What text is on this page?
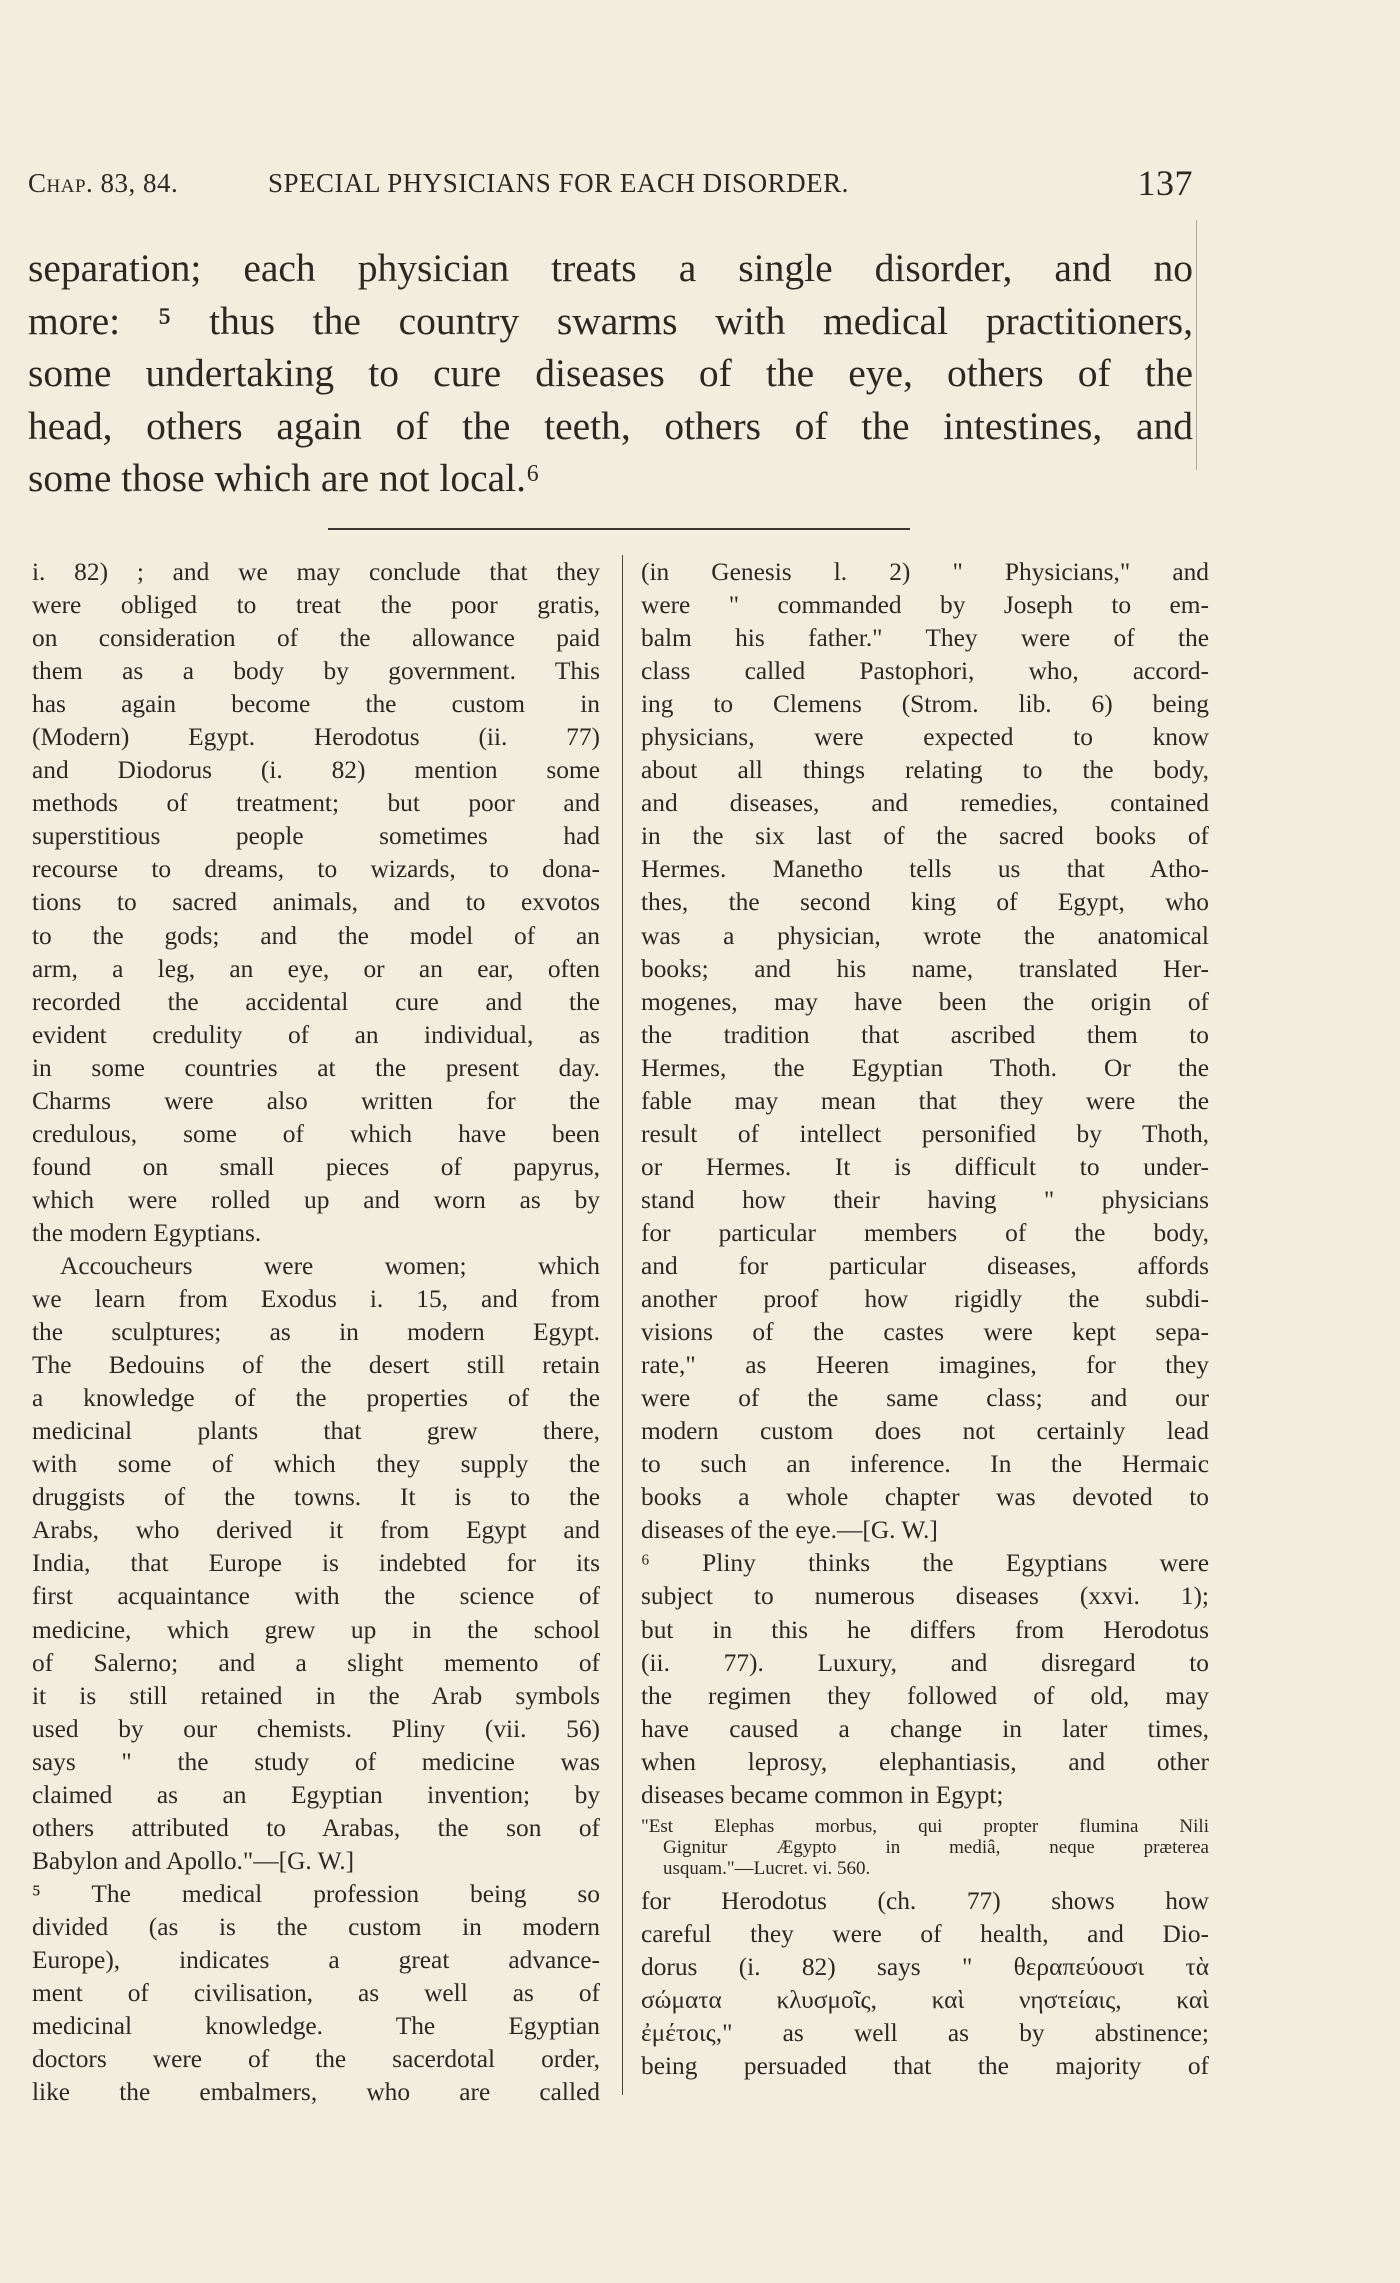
Chap. 83, 84.	SPECIAL PHYSICIANS FOR EACH DISORDER.	137
separation; each physician treats a single disorder, and no
more: ⁵ thus the country swarms with medical practitioners,
some undertaking to cure diseases of the eye, others of the
head, others again of the teeth, others of the intestines, and
some those which are not local.⁶
i. 82) ; and we may conclude that they
were obliged to treat the poor gratis,
on consideration of the allowance paid
them as a body by government. This
has again become the custom in
(Modern) Egypt. Herodotus (ii. 77)
and Diodorus (i. 82) mention some
methods of treatment; but poor and
superstitious people sometimes had
recourse to dreams, to wizards, to dona-
tions to sacred animals, and to exvotos
to the gods; and the model of an
arm, a leg, an eye, or an ear, often
recorded the accidental cure and the
evident credulity of an individual, as
in some countries at the present day.
Charms were also written for the
credulous, some of which have been
found on small pieces of papyrus,
which were rolled up and worn as by
the modern Egyptians.
Accoucheurs were women; which
we learn from Exodus i. 15, and from
the sculptures; as in modern Egypt.
The Bedouins of the desert still retain
a knowledge of the properties of the
medicinal plants that grew there,
with some of which they supply the
druggists of the towns. It is to the
Arabs, who derived it from Egypt and
India, that Europe is indebted for its
first acquaintance with the science of
medicine, which grew up in the school
of Salerno; and a slight memento of
it is still retained in the Arab symbols
used by our chemists. Pliny (vii. 56)
says " the study of medicine was
claimed as an Egyptian invention; by
others attributed to Arabas, the son of
Babylon and Apollo."—[G. W.]
⁵ The medical profession being so
divided (as is the custom in modern
Europe), indicates a great advance-
ment of civilisation, as well as of
medicinal knowledge. The Egyptian
doctors were of the sacerdotal order,
like the embalmers, who are called
(in Genesis l. 2) " Physicians," and
were " commanded by Joseph to em-
balm his father." They were of the
class called Pastophori, who, accord-
ing to Clemens (Strom. lib. 6) being
physicians, were expected to know
about all things relating to the body,
and diseases, and remedies, contained
in the six last of the sacred books of
Hermes. Manetho tells us that Atho-
thes, the second king of Egypt, who
was a physician, wrote the anatomical
books; and his name, translated Her-
mogenes, may have been the origin of
the tradition that ascribed them to
Hermes, the Egyptian Thoth. Or the
fable may mean that they were the
result of intellect personified by Thoth,
or Hermes. It is difficult to under-
stand how their having " physicians
for particular members of the body,
and for particular diseases, affords
another proof how rigidly the subdi-
visions of the castes were kept sepa-
rate," as Heeren imagines, for they
were of the same class; and our
modern custom does not certainly lead
to such an inference. In the Hermaic
books a whole chapter was devoted to
diseases of the eye.—[G. W.]
⁶ Pliny thinks the Egyptians were
subject to numerous diseases (xxvi. 1);
but in this he differs from Herodotus
(ii. 77). Luxury, and disregard to
the regimen they followed of old, may
have caused a change in later times,
when leprosy, elephantiasis, and other
diseases became common in Egypt;
"Est Elephas morbus, qui propter flumina Nili
Gignitur Ægypto in mediâ, neque præterea
usquam."—Lucret. vi. 560.
for Herodotus (ch. 77) shows how
careful they were of health, and Dio-
dorus (i. 82) says " θεραπεύουσι τὰ
σώματα κλυσμοῖς, καὶ νηστείαις, καὶ
ἐμέτοις," as well as by abstinence;
being persuaded that the majority of
